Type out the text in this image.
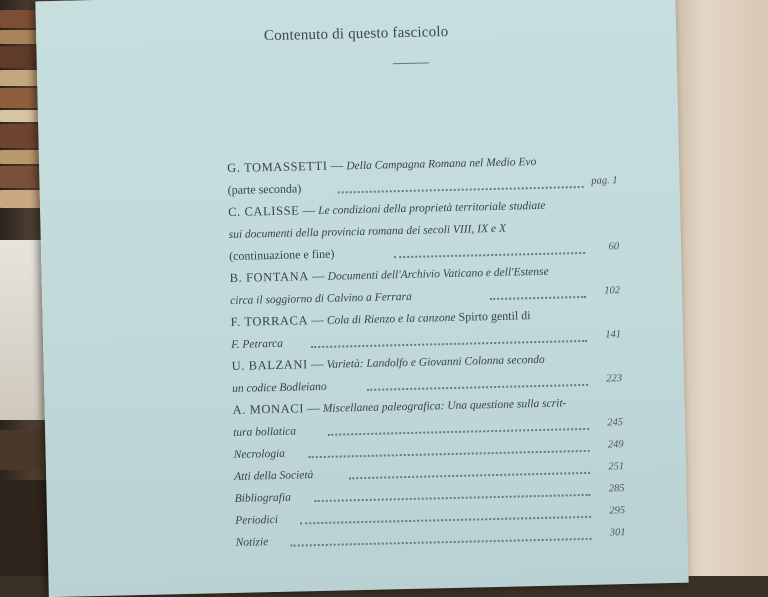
Contenuto di questo fascicolo
G. TOMASSETTI — Della Campagna Romana nel Medio Evo
(parte seconda)
pag. 1
C. CALISSE — Le condizioni della proprietà territoriale studiate
sui documenti della provincia romana dei secoli VIII, IX e X
(continuazione e fine)	60
B. FONTANA — Documenti dell'Archivio Vaticano e dell'Estense
circa il soggiorno di Calvino a Ferrara
102
F. TORRACA — Cola di Rienzo e la canzone Spirto gentil di
F. Petrarca
141
U. BALZANI — Varietà: Landolfo e Giovanni Colonna secondo
un codice Bodleiano
223
A. MONACI — Miscellanea paleografica: Una questione sulla scrit-
tura bollatica
245
Necrologia
249
Atti della Società
251
Bibliografia
285
Periodici
295
Notizie
301
